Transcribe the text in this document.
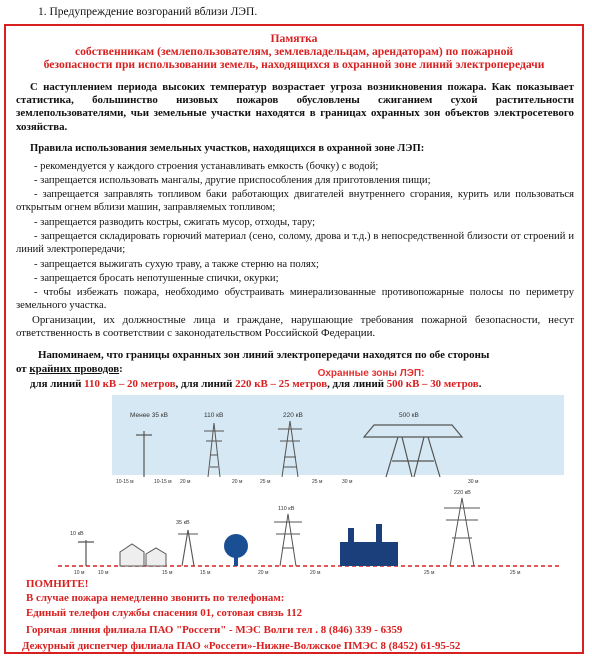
1. Предупреждение возгораний вблизи ЛЭП.
Памятка
собственникам (землепользователям, землевладельцам, арендаторам) по пожарной
безопасности при использовании земель, находящихся в охранной зоне линий электропередачи
С наступлением периода высоких температур возрастает угроза возникновения пожара. Как показывает статистика, большинство низовых пожаров обусловлены сжиганием сухой растительности землепользователями, чьи земельные участки находятся в границах охранных зон объектов электросетевого хозяйства.
Правила использования земельных участков, находящихся в охранной зоне ЛЭП:
- рекомендуется у каждого строения устанавливать емкость (бочку) с водой;
- запрещается использовать мангалы, другие приспособления для приготовления пищи;
- запрещается заправлять топливом баки работающих двигателей внутреннего сгорания, курить или пользоваться открытым огнем вблизи машин, заправляемых топливом;
- запрещается разводить костры, сжигать мусор, отходы, тару;
- запрещается складировать горючий материал (сено, солому, дрова и т.д.) в непосредственной близости от строений и линий электропередачи;
- запрещается выжигать сухую траву, а также стерню на полях;
- запрещается бросать непотушенные спички, окурки;
- чтобы избежать пожара, необходимо обустраивать минерализованные противопожарные полосы по периметру земельного участка.
Организации, их должностные лица и граждане, нарушающие требования пожарной безопасности, несут ответственность в соответствии с законодательством Российской Федерации.
Напоминаем, что границы охранных зон линий электропередачи находятся по обе стороны
от крайних проводов:
для линий 110 кВ – 20 метров, для линий 220 кВ – 25 метров, для линий 500 кВ – 30 метров.
Охранные зоны ЛЭП:
Менее 35 кВ	110 кВ	220 кВ	500 кВ
10-15 м	10-15 м 20 м	20 м	25 м	25 м	30 м	30 м
10 кВ
35 кВ
110 кВ
220 кВ
10 м	10 м	15 м	15 м	20 м	20 м	25 м	25 м
ПОМНИТЕ!
В случае пожара немедленно звонить по телефонам:
Единый телефон службы спасения 01, сотовая связь 112
Горячая линия филиала ПАО "Россети" - МЭС Волги тел . 8 (846) 339 - 6359
Дежурный диспетчер филиала ПАО «Россети»-Нижне-Волжское ПМЭС 8 (8452) 61-95-52
